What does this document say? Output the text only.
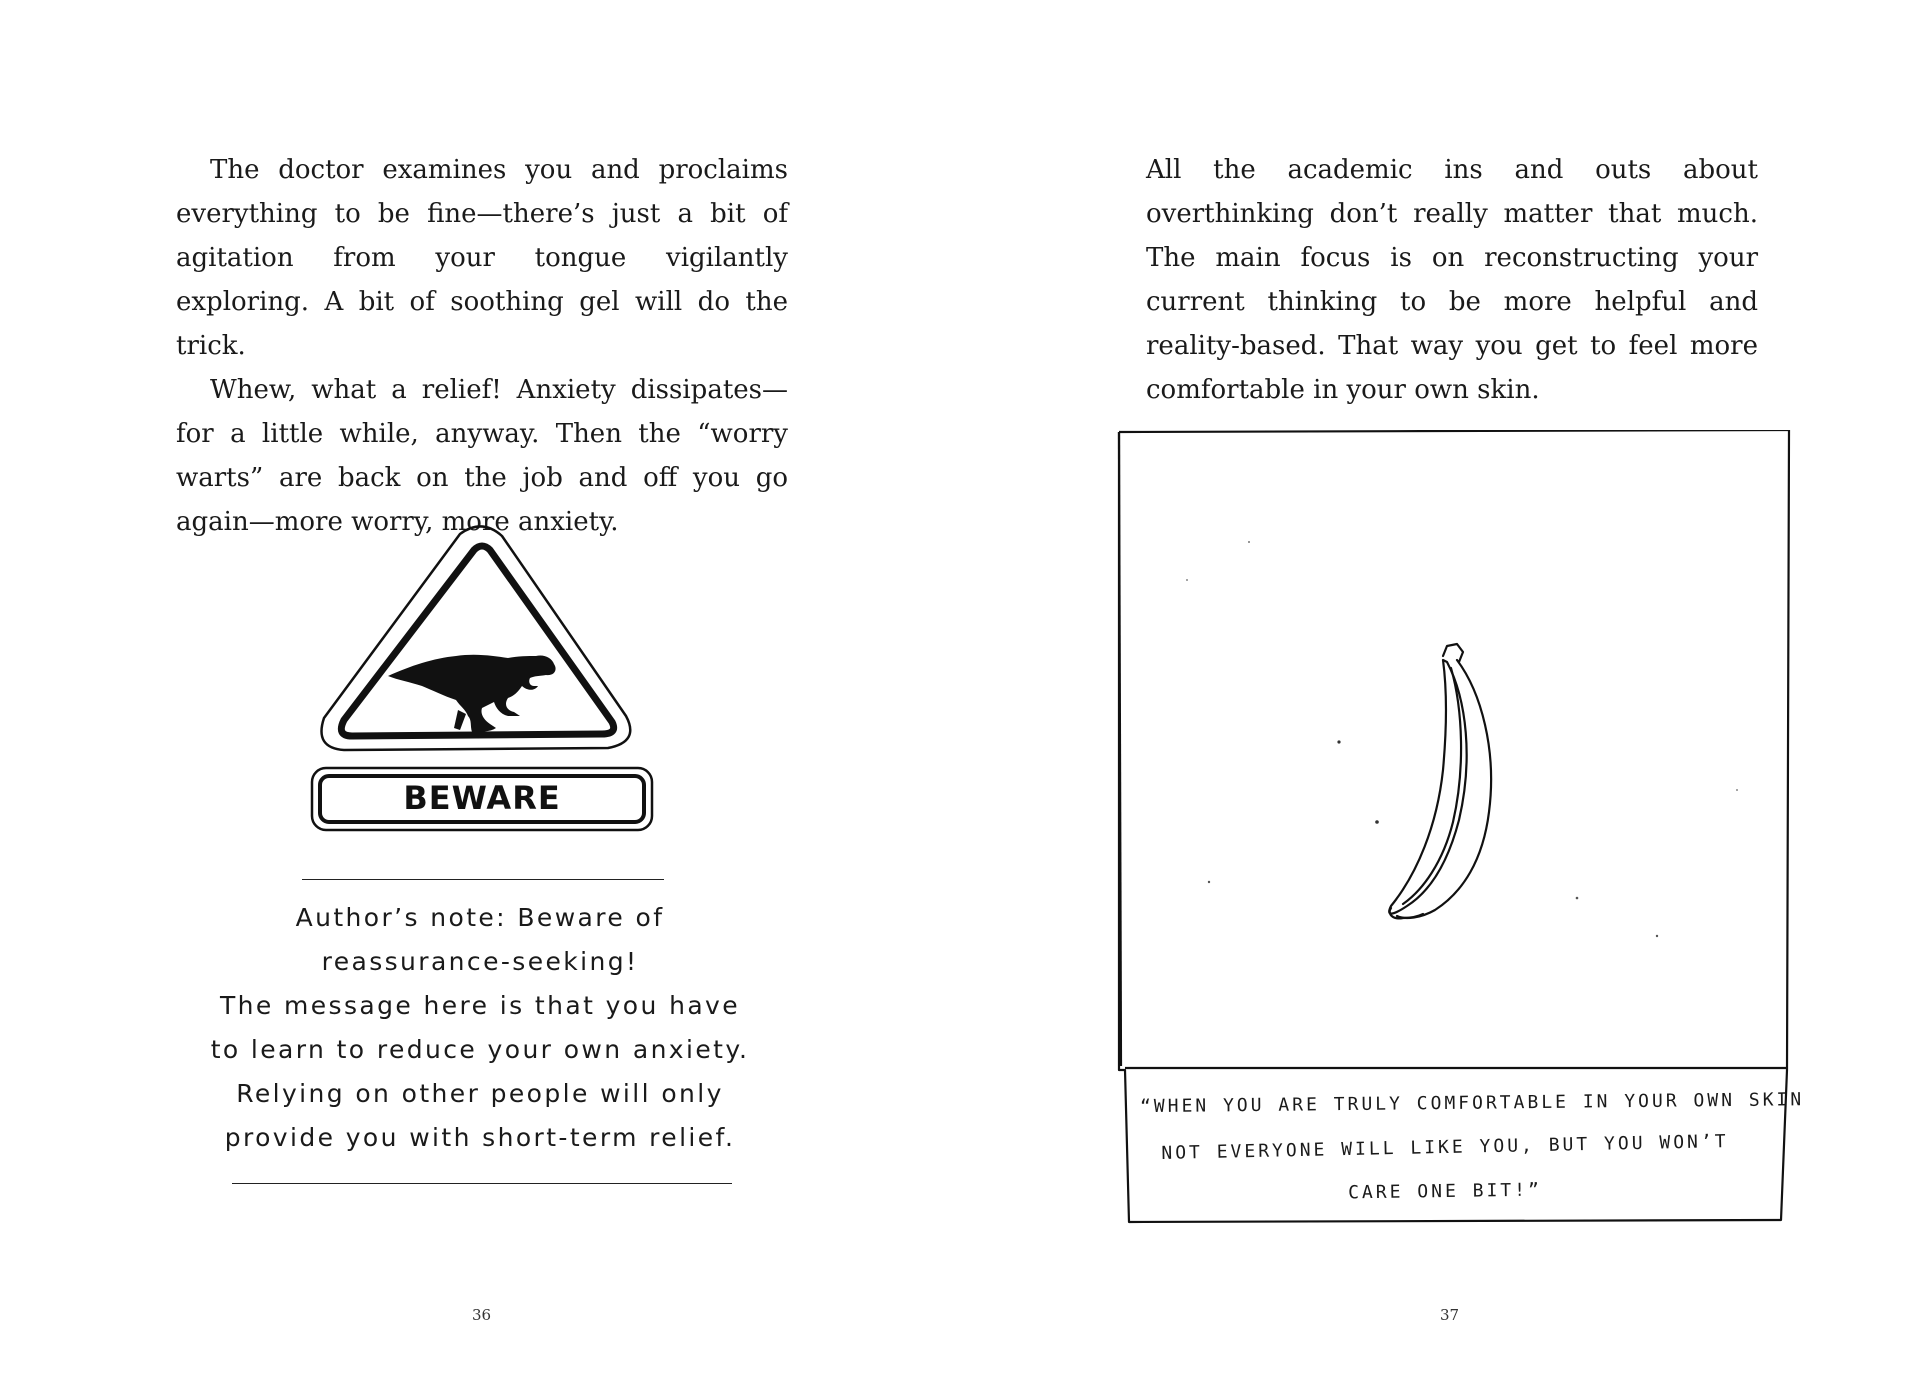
The doctor examines you and proclaims everything to be fine—there’s just a bit of agitation from your tongue vigilantly exploring. A bit of soothing gel will do the trick.

Whew, what a relief! Anxiety dissipates—for a little while, anyway. Then the “worry warts” are back on the job and off you go again—more worry, more anxiety.

BEWARE
Author’s note: Beware of
reassurance-seeking!
The message here is that you have
to learn to reduce your own anxiety.
Relying on other people will only
provide you with short-term relief.
36

All the academic ins and outs about overthinking don’t really matter that much. The main focus is on reconstructing your current thinking to be more helpful and reality-based. That way you get to feel more comfortable in your own skin.

“WHEN YOU ARE TRULY COMFORTABLE IN YOUR OWN SKIN
NOT EVERYONE WILL LIKE YOU, BUT YOU WON’T
CARE ONE BIT!”
37
